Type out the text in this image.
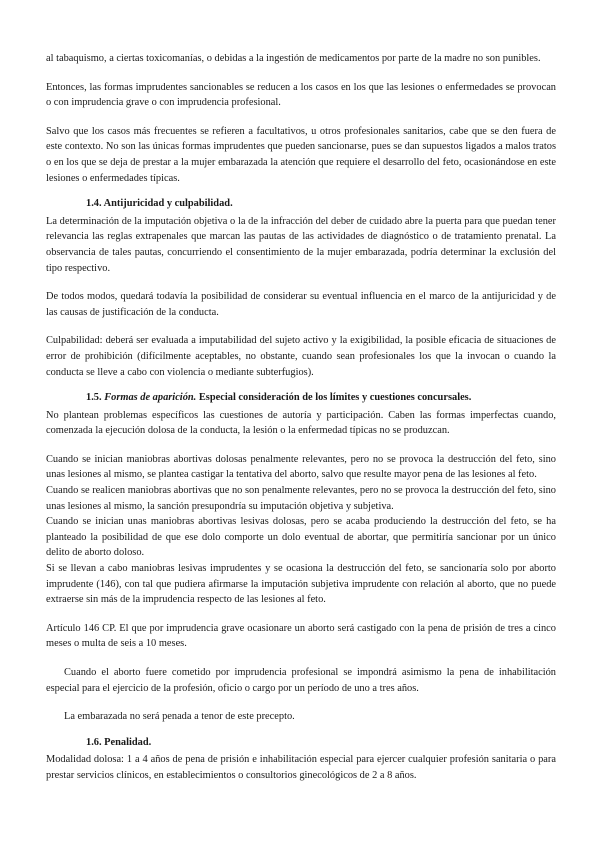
al tabaquismo, a ciertas toxicomanías, o debidas a la ingestión de medicamentos por parte de la madre no son punibles.

Entonces, las formas imprudentes sancionables se reducen a los casos en los que las lesiones o enfermedades se provocan o con imprudencia grave o con imprudencia profesional.

Salvo que los casos más frecuentes se refieren a facultativos, u otros profesionales sanitarios, cabe que se den fuera de este contexto. No son las únicas formas imprudentes que pueden sancionarse, pues se dan supuestos ligados a malos tratos o en los que se deja de prestar a la mujer embarazada la atención que requiere el desarrollo del feto, ocasionándose en este lesiones o enfermedades típicas.

1.4. Antijuricidad y culpabilidad.

La determinación de la imputación objetiva o la de la infracción del deber de cuidado abre la puerta para que puedan tener relevancia las reglas extrapenales que marcan las pautas de las actividades de diagnóstico o de tratamiento prenatal. La observancia de tales pautas, concurriendo el consentimiento de la mujer embarazada, podría determinar la exclusión del tipo respectivo.

De todos modos, quedará todavía la posibilidad de considerar su eventual influencia en el marco de la antijuricidad y de las causas de justificación de la conducta.

Culpabilidad: deberá ser evaluada a imputabilidad del sujeto activo y la exigibilidad, la posible eficacia de situaciones de error de prohibición (difícilmente aceptables, no obstante, cuando sean profesionales los que la invocan o cuando la conducta se lleve a cabo con violencia o mediante subterfugios).

1.5. Formas de aparición. Especial consideración de los límites y cuestiones concursales.

No plantean problemas específicos las cuestiones de autoría y participación. Caben las formas imperfectas cuando, comenzada la ejecución dolosa de la conducta, la lesión o la enfermedad típicas no se produzcan.

Cuando se inician maniobras abortivas dolosas penalmente relevantes, pero no se provoca la destrucción del feto, sino unas lesiones al mismo, se plantea castigar la tentativa del aborto, salvo que resulte mayor pena de las lesiones al feto.

Cuando se realicen maniobras abortivas que no son penalmente relevantes, pero no se provoca la destrucción del feto, sino unas lesiones al mismo, la sanción presupondría su imputación objetiva y subjetiva.

Cuando se inician unas maniobras abortivas lesivas dolosas, pero se acaba produciendo la destrucción del feto, se ha planteado la posibilidad de que ese dolo comporte un dolo eventual de abortar, que permitiría sancionar por un único delito de aborto doloso.

Si se llevan a cabo maniobras lesivas imprudentes y se ocasiona la destrucción del feto, se sancionaría solo por aborto imprudente (146), con tal que pudiera afirmarse la imputación subjetiva imprudente con relación al aborto, que no puede extraerse sin más de la imprudencia respecto de las lesiones al feto.

Artículo 146 CP. El que por imprudencia grave ocasionare un aborto será castigado con la pena de prisión de tres a cinco meses o multa de seis a 10 meses.

Cuando el aborto fuere cometido por imprudencia profesional se impondrá asimismo la pena de inhabilitación especial para el ejercicio de la profesión, oficio o cargo por un período de uno a tres años.

La embarazada no será penada a tenor de este precepto.

1.6. Penalidad.

Modalidad dolosa: 1 a 4 años de pena de prisión e inhabilitación especial para ejercer cualquier profesión sanitaria o para prestar servicios clínicos, en establecimientos o consultorios ginecológicos de 2 a 8 años.
